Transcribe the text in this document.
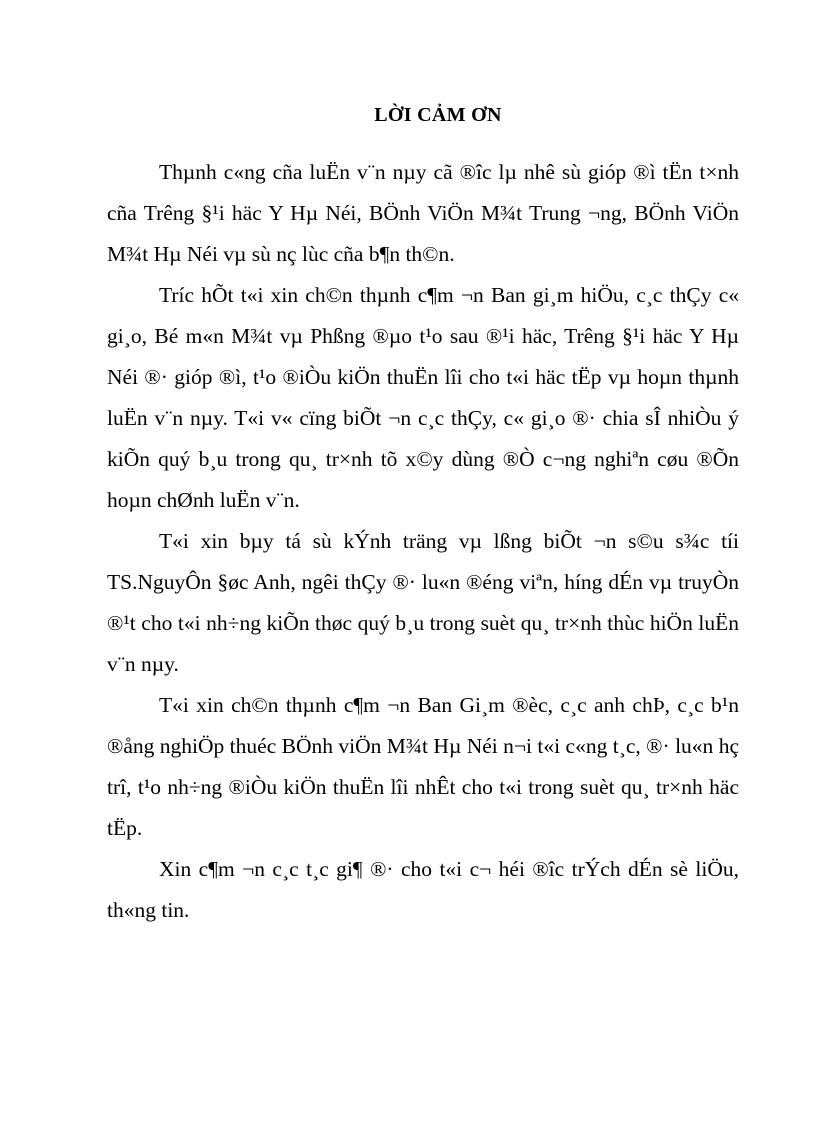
LỜI CẢM ƠN

Thµnh c«ng cña luËn v¨n nµy cã ®îc lµ nhê sù gióp ®ì tËn t×nh cña Trêng §¹i häc Y Hµ Néi, BÖnh ViÖn M¾t Trung ¬ng, BÖnh ViÖn M¾t Hµ Néi vµ sù nç lùc cña b¶n th©n.

Tríc hÕt t«i xin ch©n thµnh c¶m ¬n Ban gi¸m hiÖu, c¸c thÇy c« gi¸o, Bé m«n M¾t vµ Phßng ®µo t¹o sau ®¹i häc, Trêng §¹i häc Y Hµ Néi ®· gióp ®ì, t¹o ®iÒu kiÖn thuËn lîi cho t«i häc tËp vµ hoµn thµnh luËn v¨n nµy. T«i v« cïng biÕt ¬n c¸c thÇy, c« gi¸o ®· chia sÎ nhiÒu ý kiÕn quý b¸u trong qu¸ tr×nh tõ x©y dùng ®Ò c¬ng nghiªn cøu ®Õn hoµn chØnh luËn v¨n.

T«i xin bµy tá sù kÝnh träng vµ lßng biÕt ¬n s©u s¾c tíi TS.NguyÔn §øc Anh, ngêi thÇy ®· lu«n ®éng viªn, híng dÉn vµ truyÒn ®¹t cho t«i nh÷ng kiÕn thøc quý b¸u trong suèt qu¸ tr×nh thùc hiÖn luËn v¨n nµy.

T«i xin ch©n thµnh c¶m ¬n Ban Gi¸m ®èc, c¸c anh chÞ, c¸c b¹n ®ång nghiÖp thuéc BÖnh viÖn M¾t Hµ Néi n¬i t«i c«ng t¸c, ®· lu«n hç trî, t¹o nh÷ng ®iÒu kiÖn thuËn lîi nhÊt cho t«i trong suèt qu¸ tr×nh häc tËp.

Xin c¶m ¬n c¸c t¸c gi¶ ®· cho t«i c¬ héi ®îc trÝch dÉn sè liÖu, th«ng tin.
